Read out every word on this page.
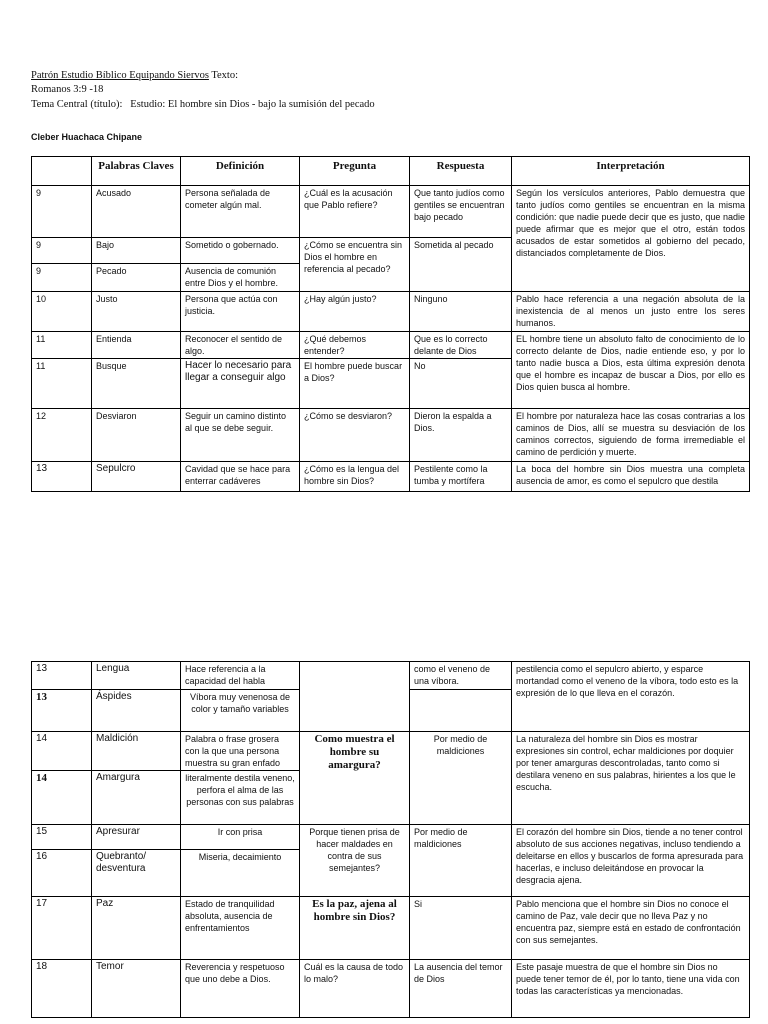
Patrón Estudio Bíblico Equipando Siervos Texto:
Romanos 3:9 -18
Tema Central (título): Estudio: El hombre sin Dios - bajo la sumisión del pecado
Cleber Huachaca Chipane
	Palabras Claves	Definición	Pregunta	Respuesta	Interpretación
9	Acusado	Persona señalada de cometer algún mal.	¿Cuál es la acusación que Pablo refiere?	Que tanto judíos como gentiles se encuentran bajo pecado	Según los versículos anteriores, Pablo demuestra que tanto judíos como gentiles se encuentran en la misma condición: que nadie puede decir que es justo, que nadie puede afirmar que es mejor que el otro, están todos acusados de estar sometidos al gobierno del pecado, distanciados completamente de Dios.
9	Bajo	Sometido o gobernado.	¿Cómo se encuentra sin Dios el hombre en referencia al pecado?	Sometida al pecado	
9	Pecado	Ausencia de comunión entre Dios y el hombre.			
10	Justo	Persona que actúa con justicia.	¿Hay algún justo?	Ninguno	Pablo hace referencia a una negación absoluta de la inexistencia de al menos un justo entre los seres humanos.
11	Entienda	Reconocer el sentido de algo.	¿Qué debemos entender?	Que es lo correcto delante de Dios	EL hombre tiene un absoluto falto de conocimiento de lo correcto delante de Dios, nadie entiende eso, y por lo tanto nadie busca a Dios, esta última expresión denota que el hombre es incapaz de buscar a Dios, por ello es Dios quien busca al hombre.
11	Busque	Hacer lo necesario para llegar a conseguir algo	El hombre puede buscar a Dios?	No	
12	Desviaron	Seguir un camino distinto al que se debe seguir.	¿Cómo se desviaron?	Dieron la espalda a Dios.	El hombre por naturaleza hace las cosas contrarias a los caminos de Dios, allí se muestra su desviación de los caminos correctos, siguiendo de forma irremediable el camino de perdición y muerte.
13	Sepulcro	Cavidad que se hace para enterrar cadáveres	¿Cómo es la lengua del hombre sin Dios?	Pestilente como la tumba y mortífera	La boca del hombre sin Dios muestra una completa ausencia de amor, es como el sepulcro que destila
13	Lengua	Hace referencia a la capacidad del habla		como el veneno de una víbora.	pestilencia como el sepulcro abierto, y esparce mortandad como el veneno de la víbora, todo esto es la expresión de lo que lleva en el corazón.
13	Áspides	Víbora muy venenosa de color y tamaño variables			
14	Maldición	Palabra o frase grosera con la que una persona muestra su gran enfado	Como muestra el hombre su amargura?	Por medio de maldiciones	La naturaleza del hombre sin Dios es mostrar expresiones sin control, echar maldiciones por doquier por tener amarguras descontroladas, tanto como si destilara veneno en sus palabras, hirientes a los que le escucha.
14	Amargura	literalmente destila veneno, perfora el alma de las personas con sus palabras			
15	Apresurar	Ir con prisa	Porque tienen prisa de hacer maldades en contra de sus semejantes?	Por medio de maldiciones	El corazón del hombre sin Dios, tiende a no tener control absoluto de sus acciones negativas, incluso tendiendo a deleitarse en ellos y buscarlos de forma apresurada para hacerlas, e incluso deleitándose en provocar la desgracia ajena.
16	Quebranto/ desventura	Miseria, decaimiento			
17	Paz	Estado de tranquilidad absoluta, ausencia de enfrentamientos	Es la paz, ajena al hombre sin Dios?	Si	Pablo menciona que el hombre sin Dios no conoce el camino de Paz, vale decir que no lleva Paz y no encuentra paz, siempre está en estado de confrontación con sus semejantes.
18	Temor	Reverencia y respetuoso que uno debe a Dios.	Cuál es la causa de todo lo malo?	La ausencia del temor de Dios	Este pasaje muestra de que el hombre sin Dios no puede tener temor de él, por lo tanto, tiene una vida con todas las características ya mencionadas.
